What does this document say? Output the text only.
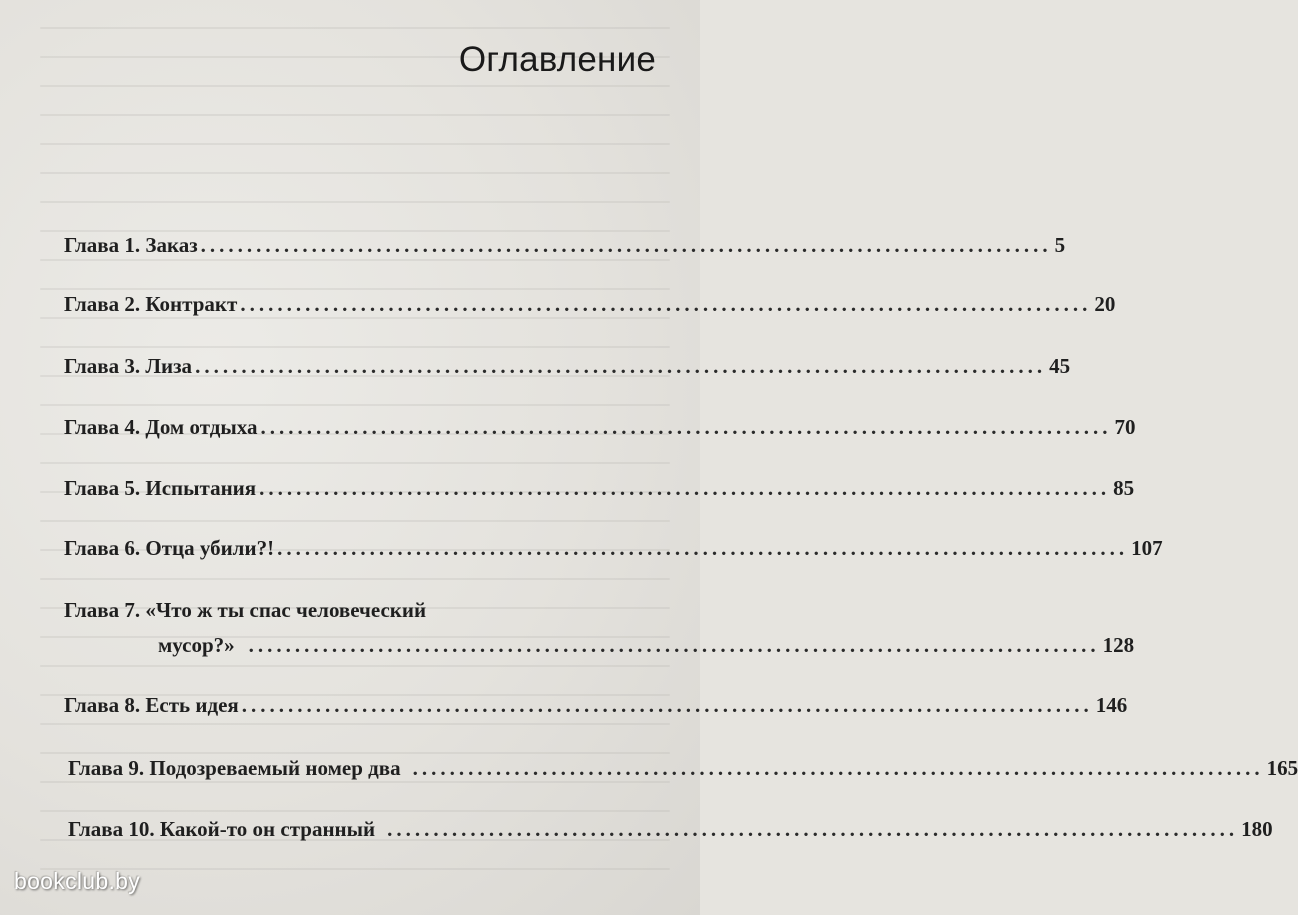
Оглавление
Глава 1. Заказ ............................................................................................ 5
Глава 2. Контракт ............................................................................................ 20
Глава 3. Лиза ............................................................................................ 45
Глава 4. Дом отдыха ............................................................................................ 70
Глава 5. Испытания ............................................................................................ 85
Глава 6. Отца убили?! ............................................................................................ 107
Глава 7. «Что ж ты спас человеческий
мусор?» ............................................................................................ 128
Глава 8. Есть идея ............................................................................................ 146
Глава 9. Подозреваемый номер два ............................................................................................ 165
Глава 10. Какой-то он странный ............................................................................................ 180
bookclub.by
